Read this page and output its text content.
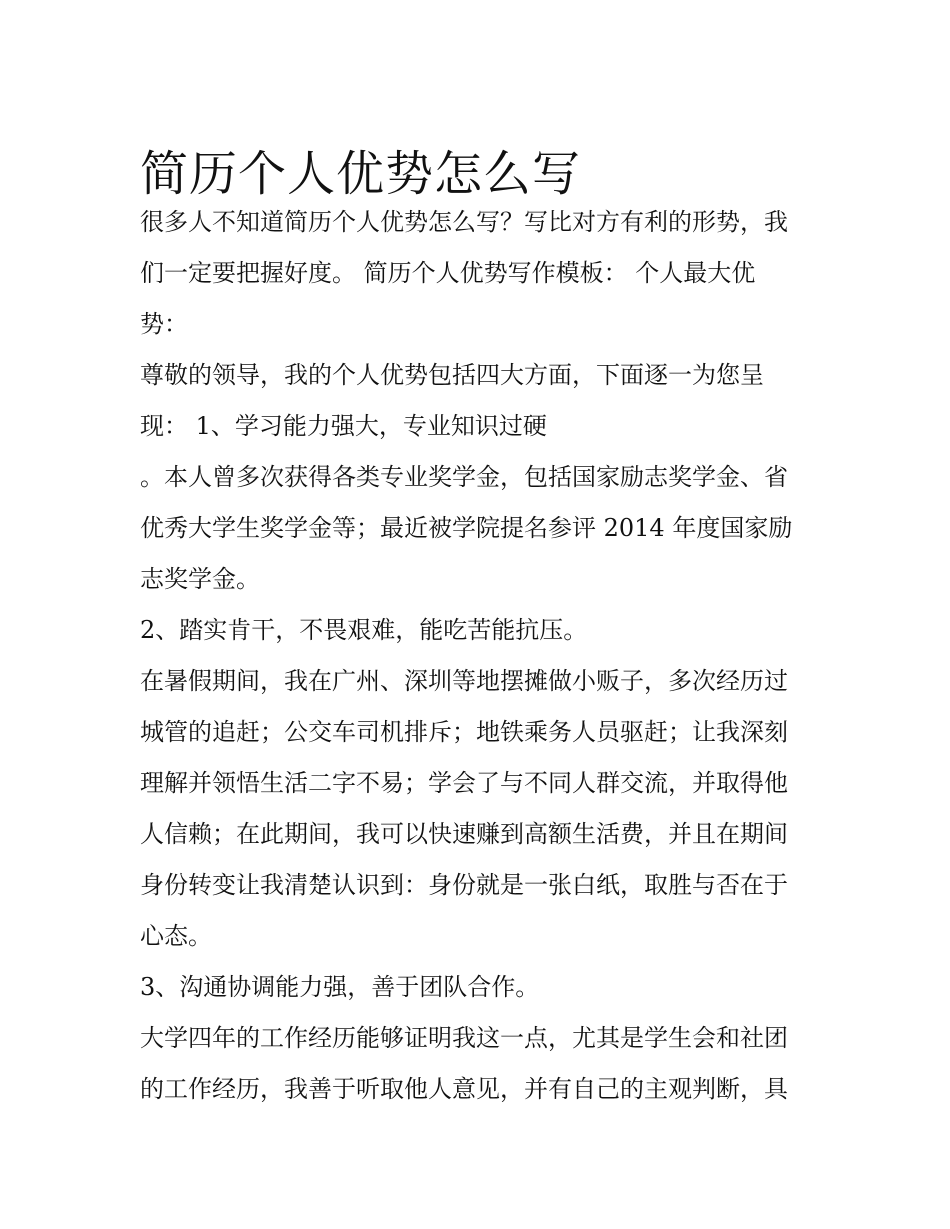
简历个人优势怎么写
很多人不知道简历个人优势怎么写？写比对方有利的形势，我
们一定要把握好度。 简历个人优势写作模板： 个人最大优
势：
尊敬的领导，我的个人优势包括四大方面，下面逐一为您呈
现： 1、学习能力强大，专业知识过硬
。本人曾多次获得各类专业奖学金，包括国家励志奖学金、省
优秀大学生奖学金等；最近被学院提名参评 2014 年度国家励
志奖学金。
2、踏实肯干，不畏艰难，能吃苦能抗压。
在暑假期间，我在广州、深圳等地摆摊做小贩子，多次经历过
城管的追赶；公交车司机排斥；地铁乘务人员驱赶；让我深刻
理解并领悟生活二字不易；学会了与不同人群交流，并取得他
人信赖；在此期间，我可以快速赚到高额生活费，并且在期间
身份转变让我清楚认识到：身份就是一张白纸，取胜与否在于
心态。
3、沟通协调能力强，善于团队合作。
大学四年的工作经历能够证明我这一点，尤其是学生会和社团
的工作经历，我善于听取他人意见，并有自己的主观判断，具
